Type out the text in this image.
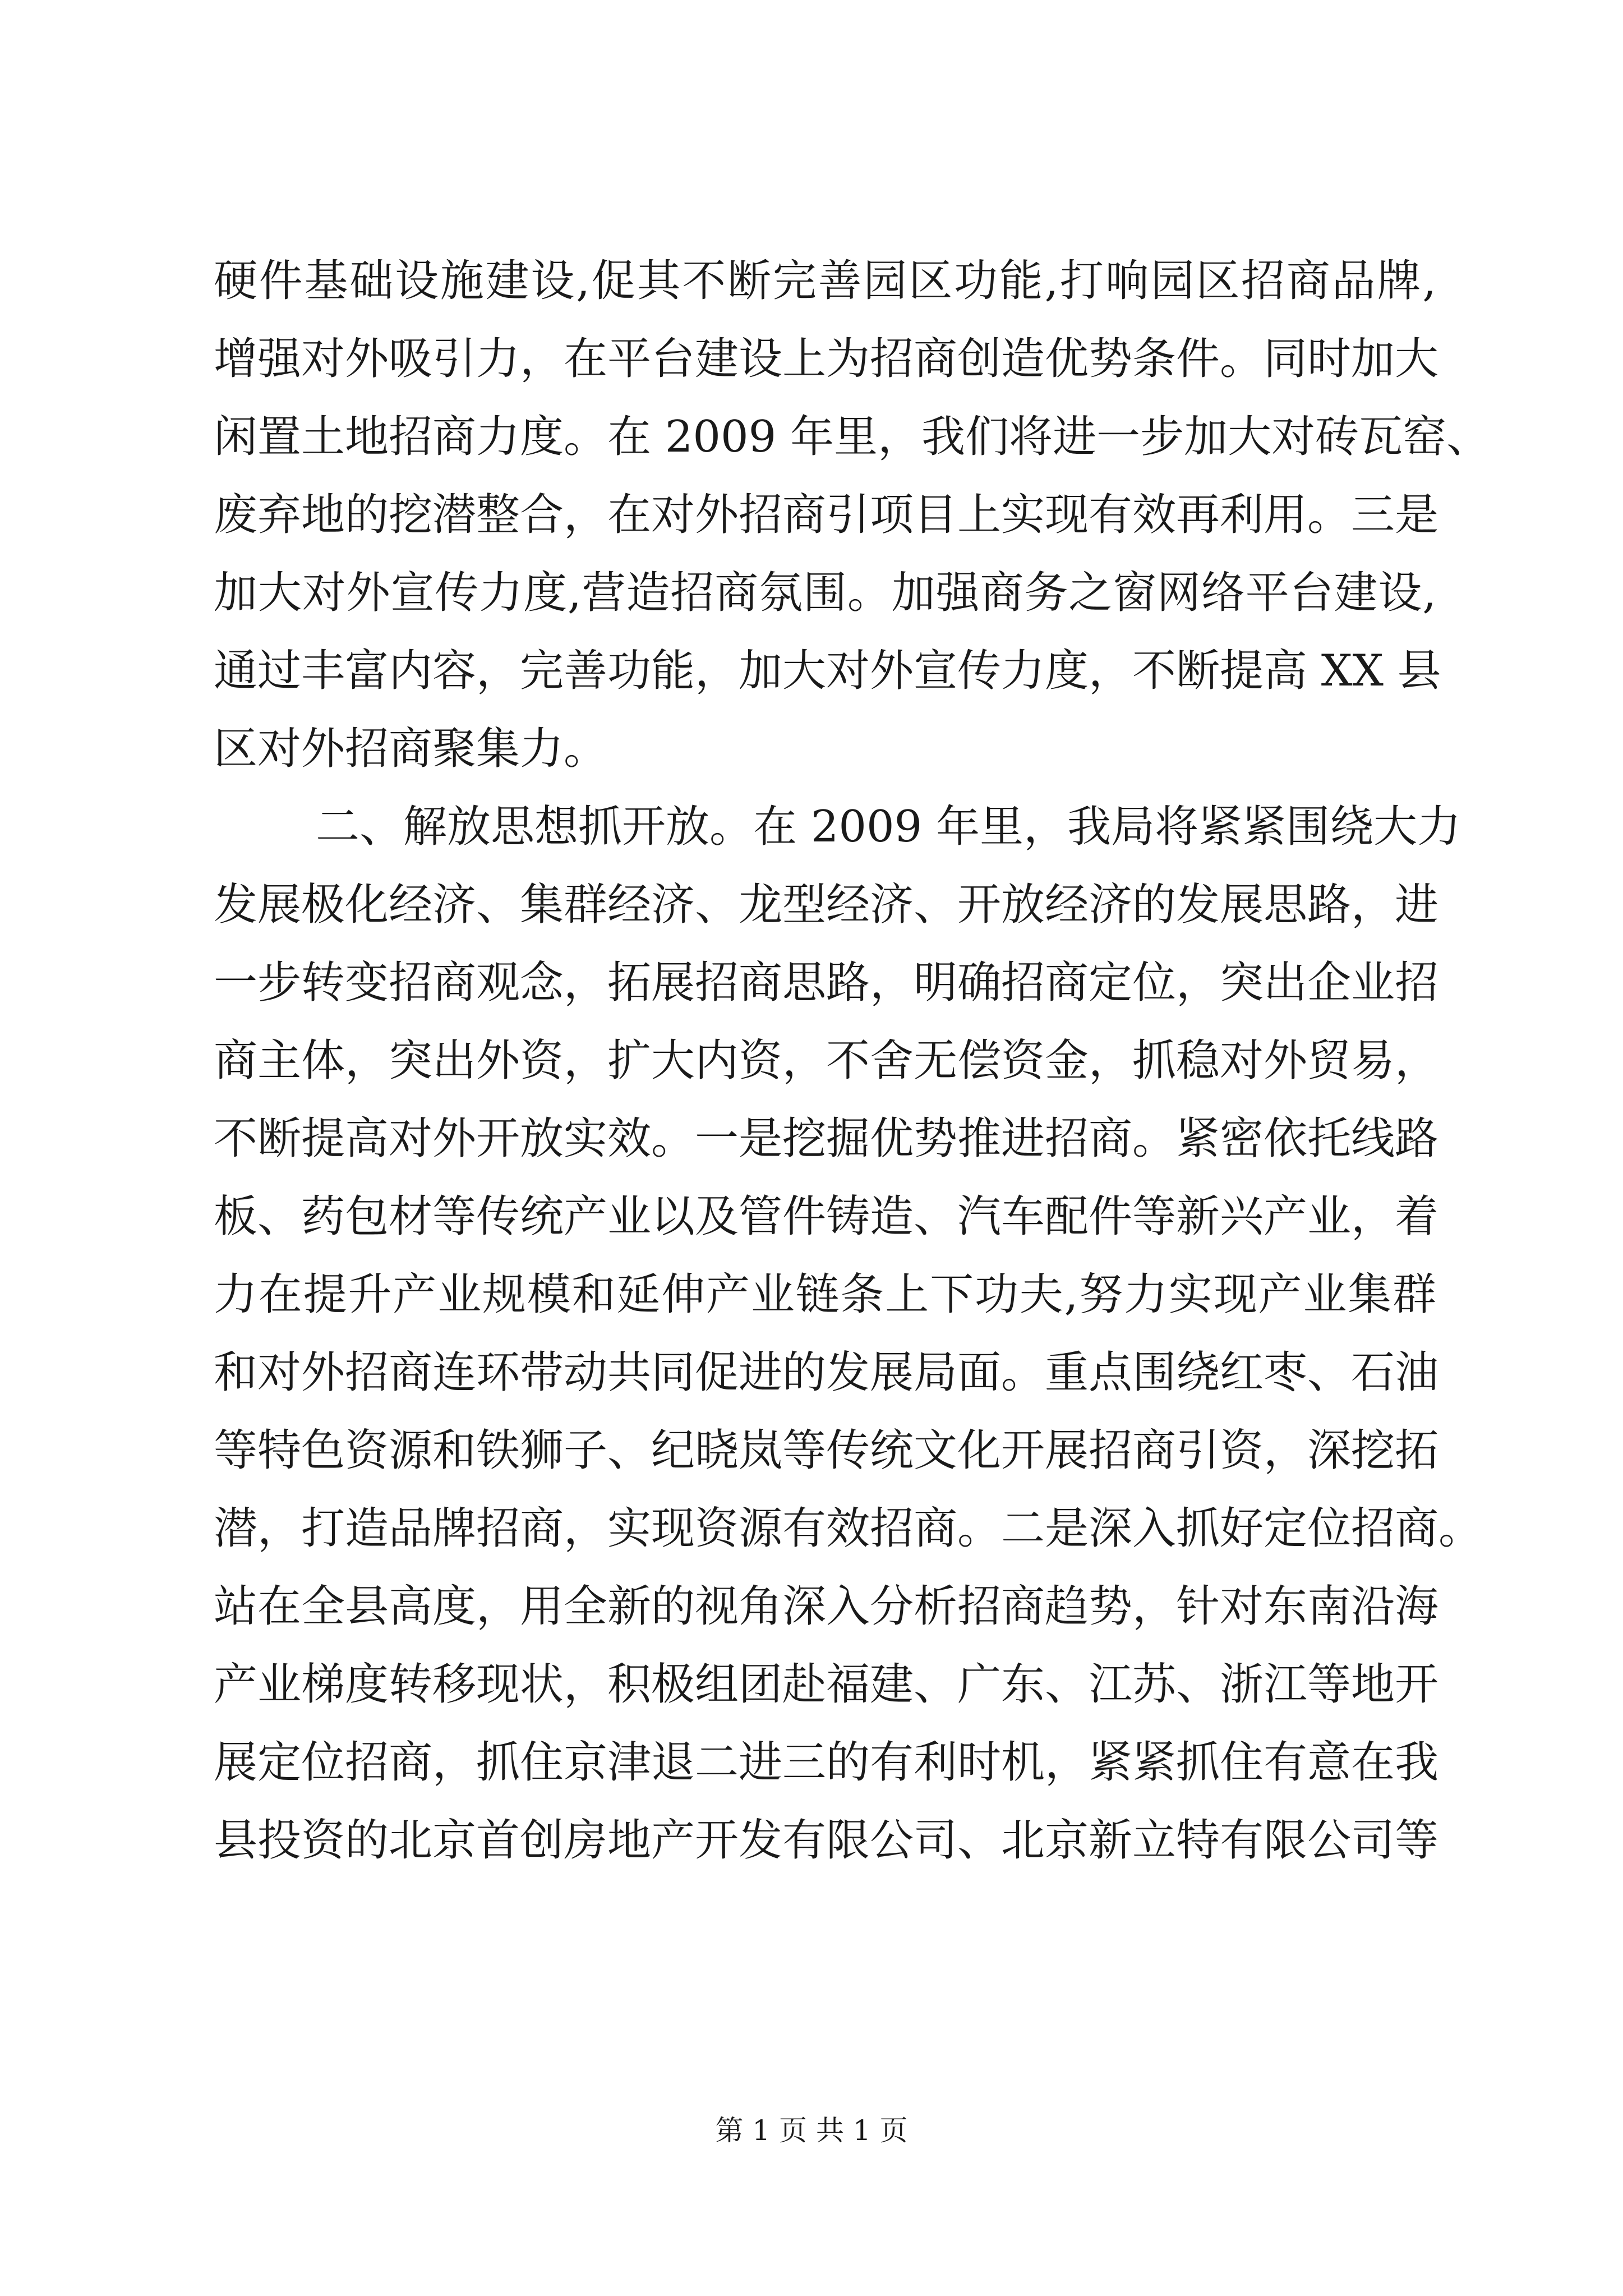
硬件基础设施建设,促其不断完善园区功能,打响园区招商品牌,
增强对外吸引力，在平台建设上为招商创造优势条件。同时加大
闲置土地招商力度。在 2009 年里，我们将进一步加大对砖瓦窑、
废弃地的挖潜整合，在对外招商引项目上实现有效再利用。三是
加大对外宣传力度,营造招商氛围。加强商务之窗网络平台建设,
通过丰富内容，完善功能，加大对外宣传力度，不断提高 XX 县
区对外招商聚集力。
二、解放思想抓开放。在 2009 年里，我局将紧紧围绕大力
发展极化经济、集群经济、龙型经济、开放经济的发展思路，进
一步转变招商观念，拓展招商思路，明确招商定位，突出企业招
商主体，突出外资，扩大内资，不舍无偿资金，抓稳对外贸易，
不断提高对外开放实效。一是挖掘优势推进招商。紧密依托线路
板、药包材等传统产业以及管件铸造、汽车配件等新兴产业，着
力在提升产业规模和延伸产业链条上下功夫,努力实现产业集群
和对外招商连环带动共同促进的发展局面。重点围绕红枣、石油
等特色资源和铁狮子、纪晓岚等传统文化开展招商引资，深挖拓
潜，打造品牌招商，实现资源有效招商。二是深入抓好定位招商。
站在全县高度，用全新的视角深入分析招商趋势，针对东南沿海
产业梯度转移现状，积极组团赴福建、广东、江苏、浙江等地开
展定位招商，抓住京津退二进三的有利时机，紧紧抓住有意在我
县投资的北京首创房地产开发有限公司、北京新立特有限公司等
第 1 页 共 1 页
